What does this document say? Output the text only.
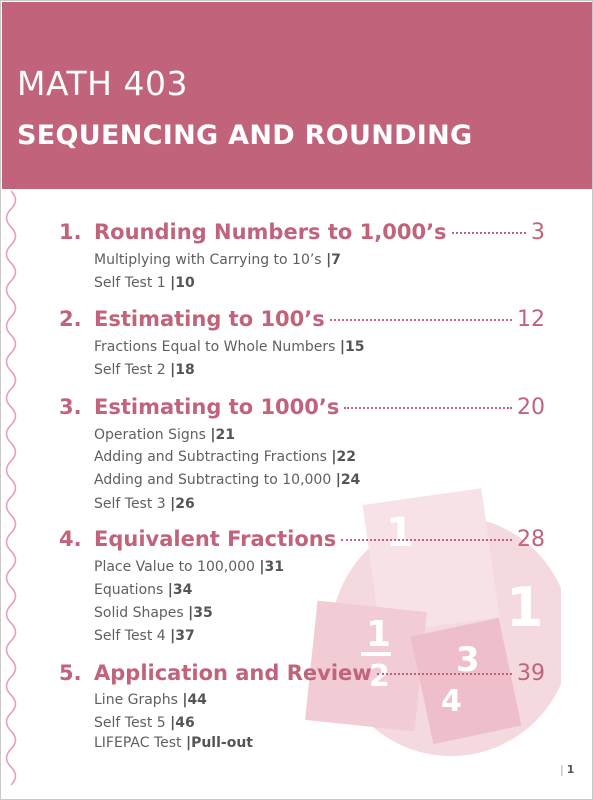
MATH 403
SEQUENCING AND ROUNDING
1
1
1
2 3
4
1. Rounding Numbers to 1,000’s	3
Multiplying with Carrying to 10’s |7
Self Test 1 |10
2. Estimating to 100’s	12
Fractions Equal to Whole Numbers |15
Self Test 2 |18
3. Estimating to 1000’s	20
Operation Signs |21
Adding and Subtracting Fractions |22
Adding and Subtracting to 10,000 |24
Self Test 3 |26
4. Equivalent Fractions	28
Place Value to 100,000 |31
Equations |34
Solid Shapes |35
Self Test 4 |37
5. Application and Review	39
Line Graphs |44
Self Test 5 |46
LIFEPAC Test |Pull-out
| 1
